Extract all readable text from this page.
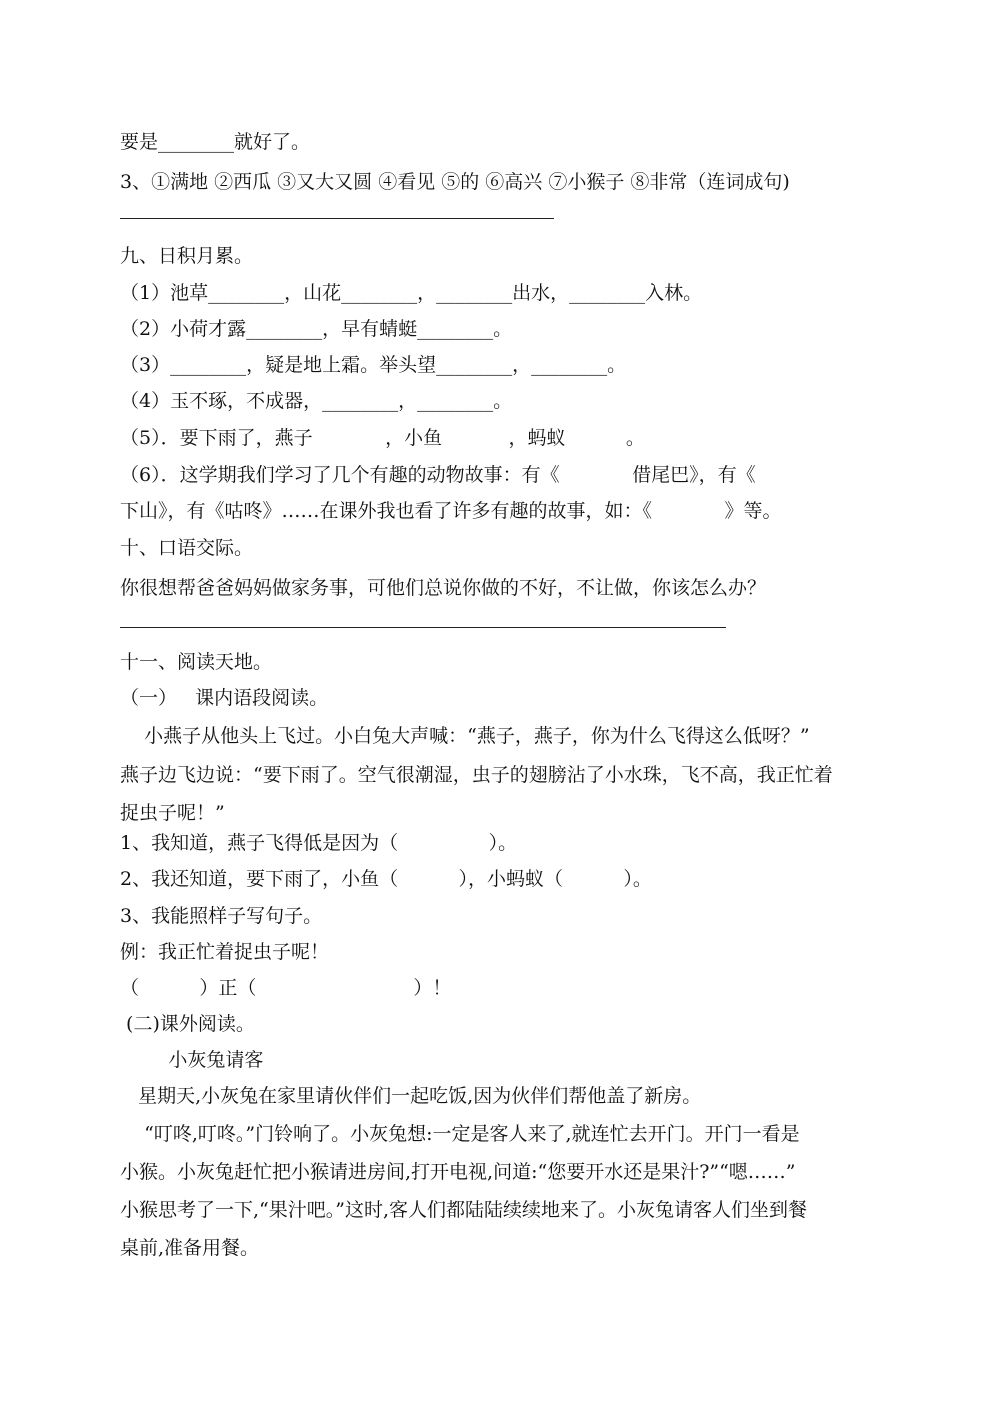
要是________就好了。
3、①满地 ②西瓜 ③又大又圆 ④看见 ⑤的 ⑥高兴 ⑦小猴子 ⑧非常（连词成句)
九、日积月累。
（1）池草________，山花________，________出水，________入林。
（2）小荷才露________，早有蜻蜓________。
（3）________，疑是地上霜。举头望________，________。
（4）玉不琢，不成器，________，________。
（5）．要下雨了，燕子            ，小鱼           ，蚂蚁          。
（6）．这学期我们学习了几个有趣的动物故事：有《            借尾巴》，有《
下山》，有《咕咚》……在课外我也看了许多有趣的故事，如：《            》等。
十、口语交际。
你很想帮爸爸妈妈做家务事，可他们总说你做的不好，不让做，你该怎么办？
十一、阅读天地。
（一）   课内语段阅读。
小燕子从他头上飞过。小白兔大声喊：“燕子，燕子，你为什么飞得这么低呀？”
燕子边飞边说：“要下雨了。空气很潮湿，虫子的翅膀沾了小水珠，飞不高，我正忙着
捉虫子呢！”
1、我知道，燕子飞得低是因为（               ）。
2、我还知道，要下雨了，小鱼（          ），小蚂蚁（          ）。
3、我能照样子写句子。
例：我正忙着捉虫子呢！
（          ）正（                          ）！
(二)课外阅读。
小灰兔请客
星期天,小灰兔在家里请伙伴们一起吃饭,因为伙伴们帮他盖了新房。
“叮咚,叮咚。”门铃响了。小灰兔想:一定是客人来了,就连忙去开门。开门一看是
小猴。小灰兔赶忙把小猴请进房间,打开电视,问道:“您要开水还是果汁?”“嗯……”
小猴思考了一下,“果汁吧。”这时,客人们都陆陆续续地来了。小灰兔请客人们坐到餐
桌前,准备用餐。
